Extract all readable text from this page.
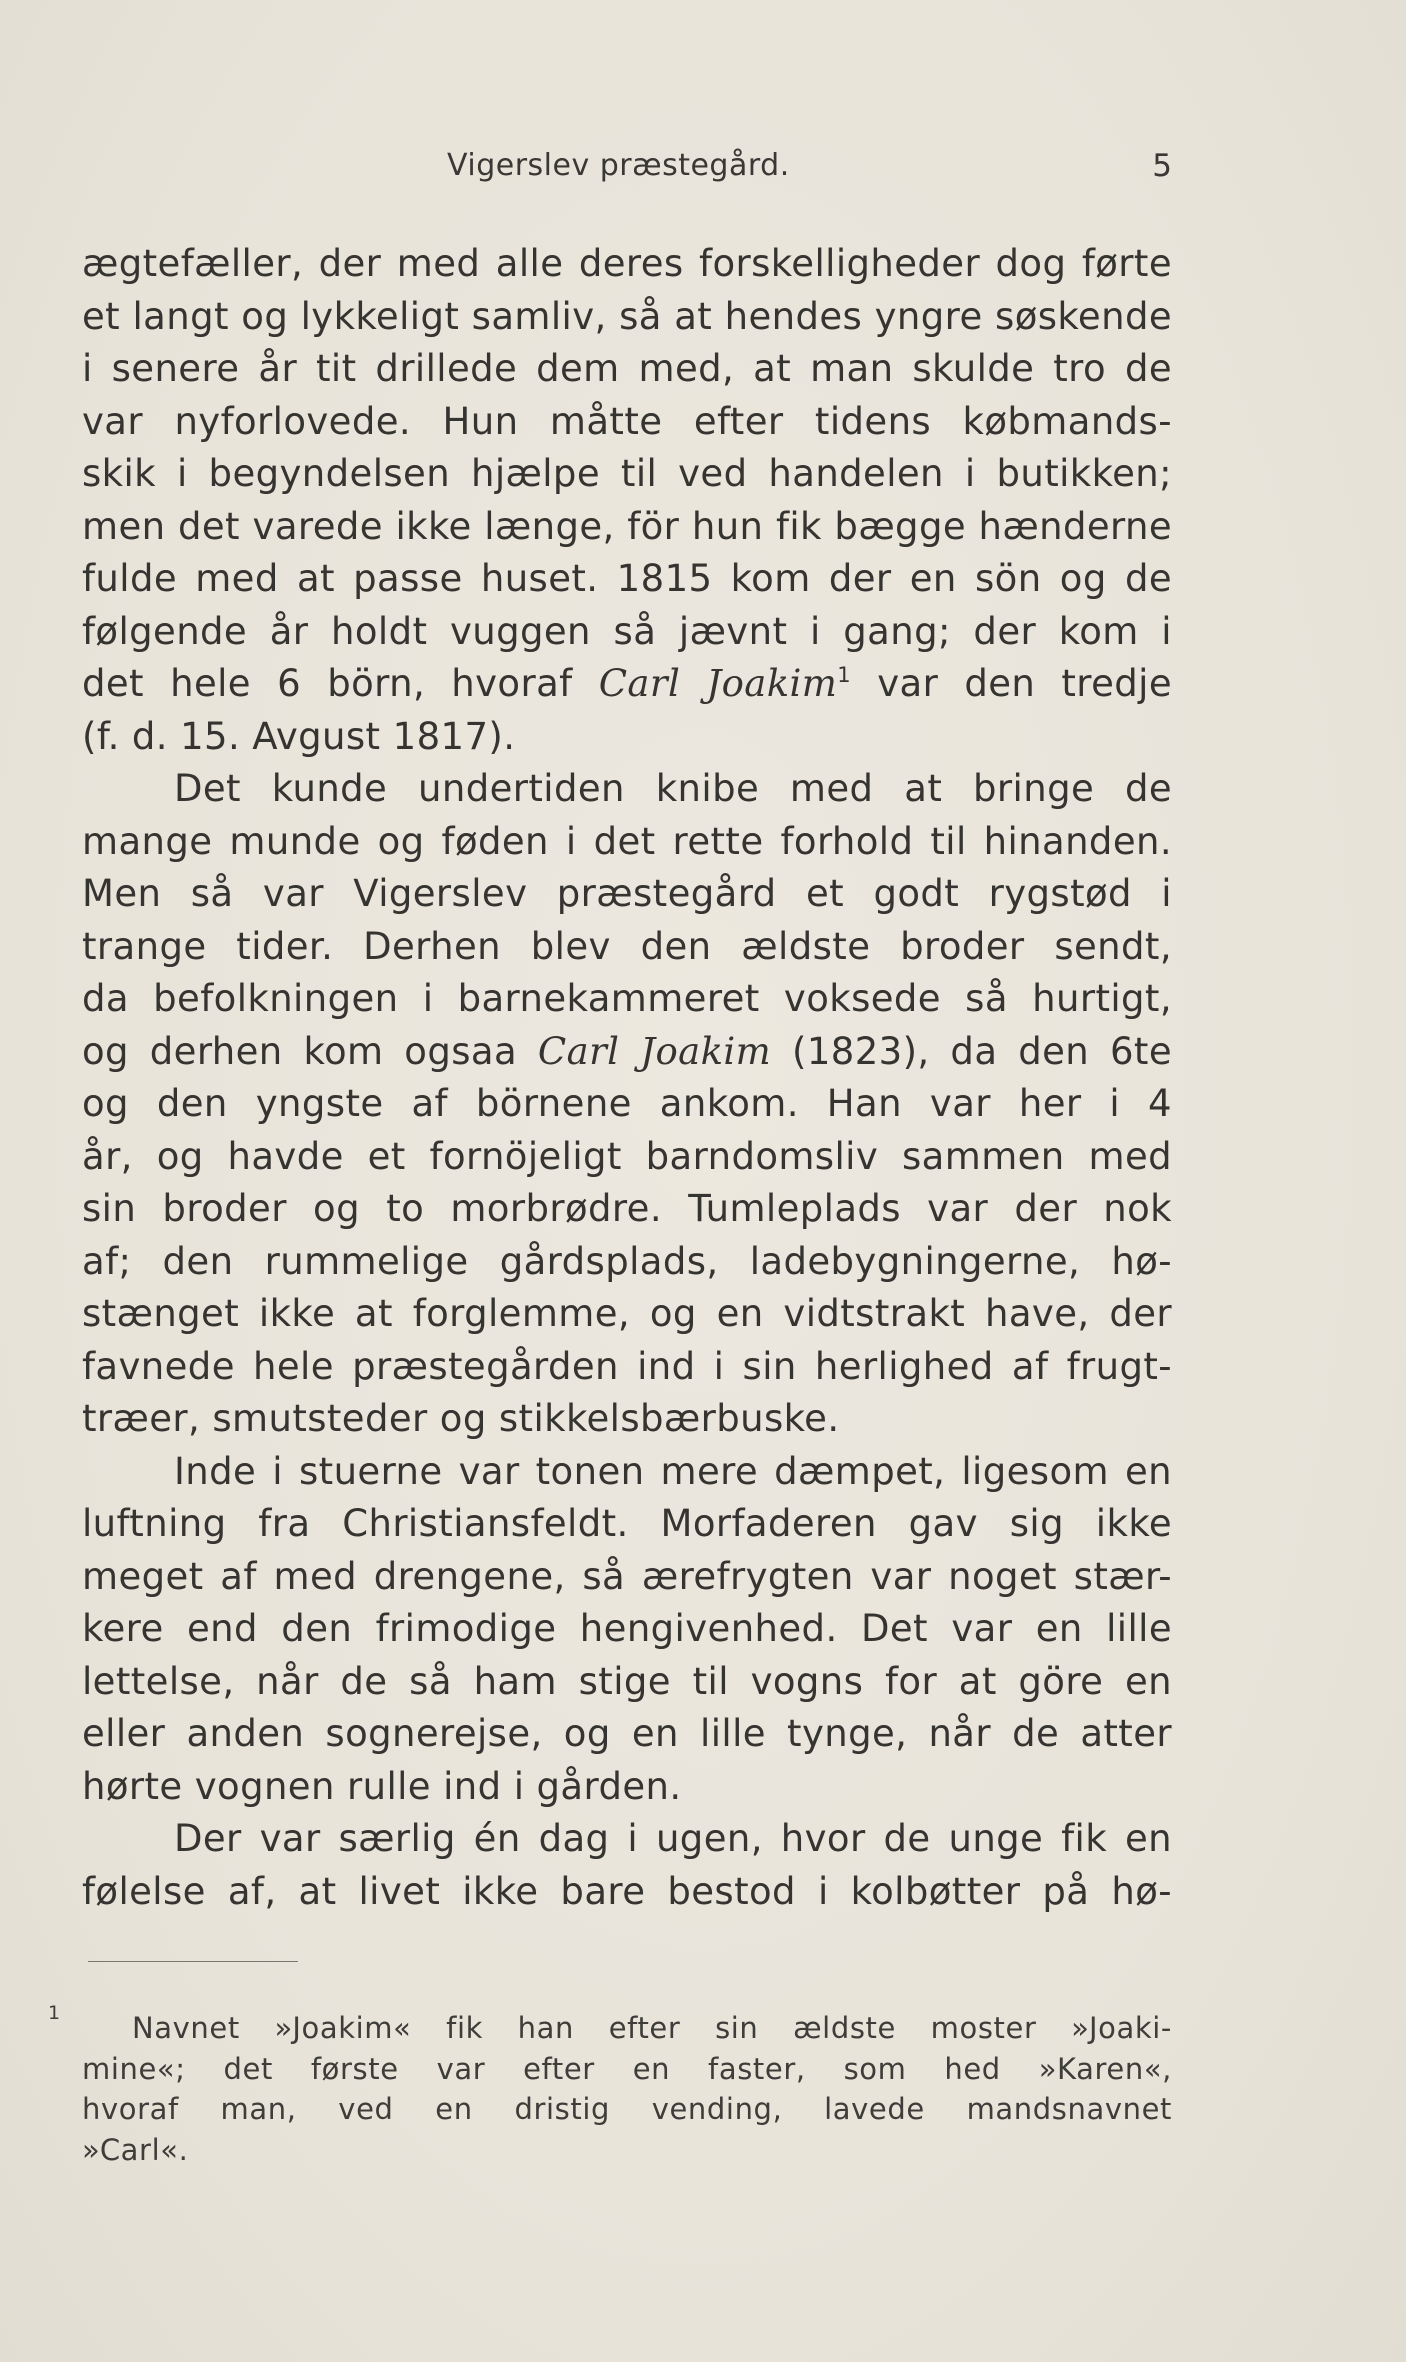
Vigerslev præstegård.	5
ægtefæller, der med alle deres forskelligheder dog førte
et langt og lykkeligt samliv, så at hendes yngre søskende
i senere år tit drillede dem med, at man skulde tro de
var nyforlovede. Hun måtte efter tidens købmands-
skik i begyndelsen hjælpe til ved handelen i butikken;
men det varede ikke længe, för hun fik bægge hænderne
fulde med at passe huset. 1815 kom der en sön og de
følgende år holdt vuggen så jævnt i gang; der kom i
det hele 6 börn, hvoraf Carl Joakim$^1$ var den tredje
(f. d. 15. Avgust 1817).
Det kunde undertiden knibe med at bringe de
mange munde og føden i det rette forhold til hinanden.
Men så var Vigerslev præstegård et godt rygstød i
trange tider. Derhen blev den ældste broder sendt,
da befolkningen i barnekammeret voksede så hurtigt,
og derhen kom ogsaa Carl Joakim (1823), da den 6te
og den yngste af börnene ankom. Han var her i 4
år, og havde et fornöjeligt barndomsliv sammen med
sin broder og to morbrødre. Tumleplads var der nok
af; den rummelige gårdsplads, ladebygningerne, hø-
stænget ikke at forglemme, og en vidtstrakt have, der
favnede hele præstegården ind i sin herlighed af frugt-
træer, smutsteder og stikkelsbærbuske.
Inde i stuerne var tonen mere dæmpet, ligesom en
luftning fra Christiansfeldt. Morfaderen gav sig ikke
meget af med drengene, så ærefrygten var noget stær-
kere end den frimodige hengivenhed. Det var en lille
lettelse, når de så ham stige til vogns for at göre en
eller anden sognerejse, og en lille tynge, når de atter
hørte vognen rulle ind i gården.
Der var særlig én dag i ugen, hvor de unge fik en
følelse af, at livet ikke bare bestod i kolbøtter på hø-
1	Navnet »Joakim« fik han efter sin ældste moster »Joaki-
mine«; det første var efter en faster, som hed »Karen«,
hvoraf man, ved en dristig vending, lavede mandsnavnet
»Carl«.
